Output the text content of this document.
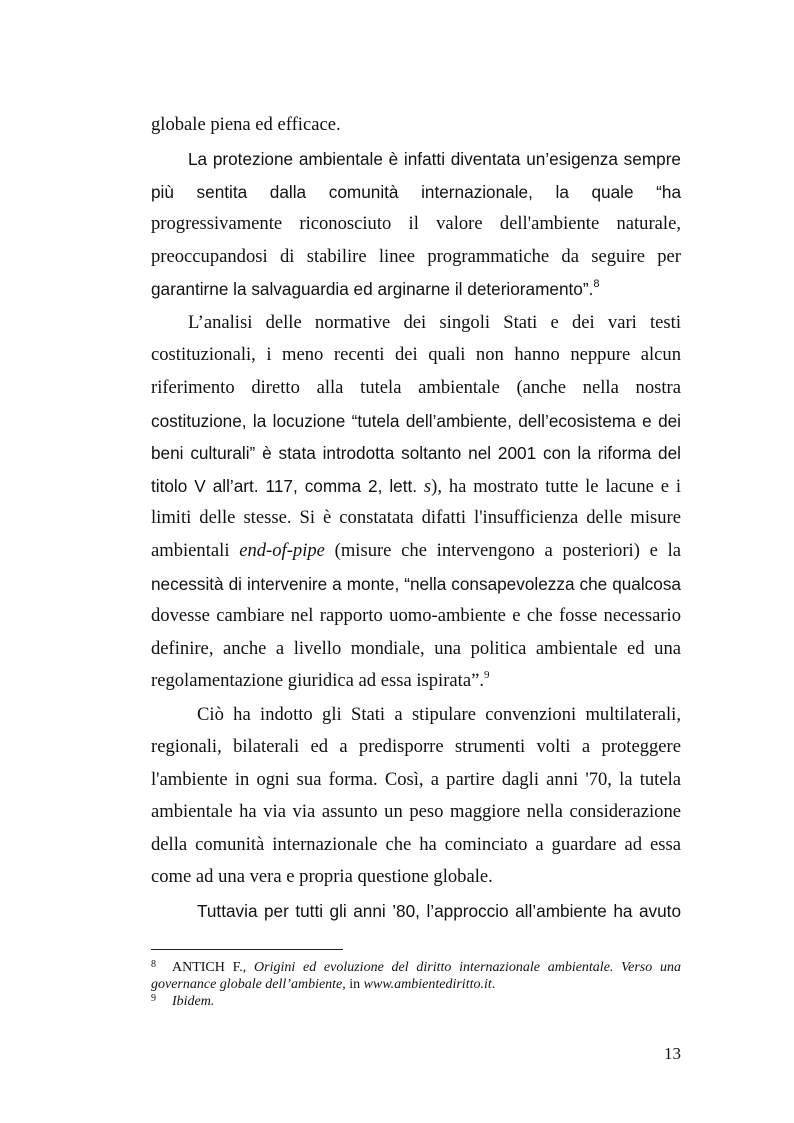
globale piena ed efficace.
La protezione ambientale è infatti diventata un’esigenza sempre
più sentita dalla comunità internazionale, la quale “ha
progressivamente riconosciuto il valore dell'ambiente naturale,
preoccupandosi di stabilire linee programmatiche da seguire per
garantirne la salvaguardia ed arginarne il deterioramento”.$^8$
L’analisi delle normative dei singoli Stati e dei vari testi
costituzionali, i meno recenti dei quali non hanno neppure alcun
riferimento diretto alla tutela ambientale (anche nella nostra
costituzione, la locuzione “tutela dell’ambiente, dell’ecosistema e dei
beni culturali” è stata introdotta soltanto nel 2001 con la riforma del
titolo V all’art. 117, comma 2, lett. s), ha mostrato tutte le lacune e i
limiti delle stesse. Si è constatata difatti l'insufficienza delle misure
ambientali end-of-pipe (misure che intervengono a posteriori) e la
necessità di intervenire a monte, “nella consapevolezza che qualcosa
dovesse cambiare nel rapporto uomo-ambiente e che fosse necessario
definire, anche a livello mondiale, una politica ambientale ed una
regolamentazione giuridica ad essa ispirata”.$^9$
Ciò ha indotto gli Stati a stipulare convenzioni multilaterali,
regionali, bilaterali ed a predisporre strumenti volti a proteggere
l'ambiente in ogni sua forma. Così, a partire dagli anni '70, la tutela
ambientale ha via via assunto un peso maggiore nella considerazione
della comunità internazionale che ha cominciato a guardare ad essa
come ad una vera e propria questione globale.
Tuttavia per tutti gli anni ’80, l’approccio all’ambiente ha avuto
8 ANTICH F., Origini ed evoluzione del diritto internazionale ambientale. Verso una
governance globale dell’ambiente, in www.ambientediritto.it.
9 Ibidem.
13
